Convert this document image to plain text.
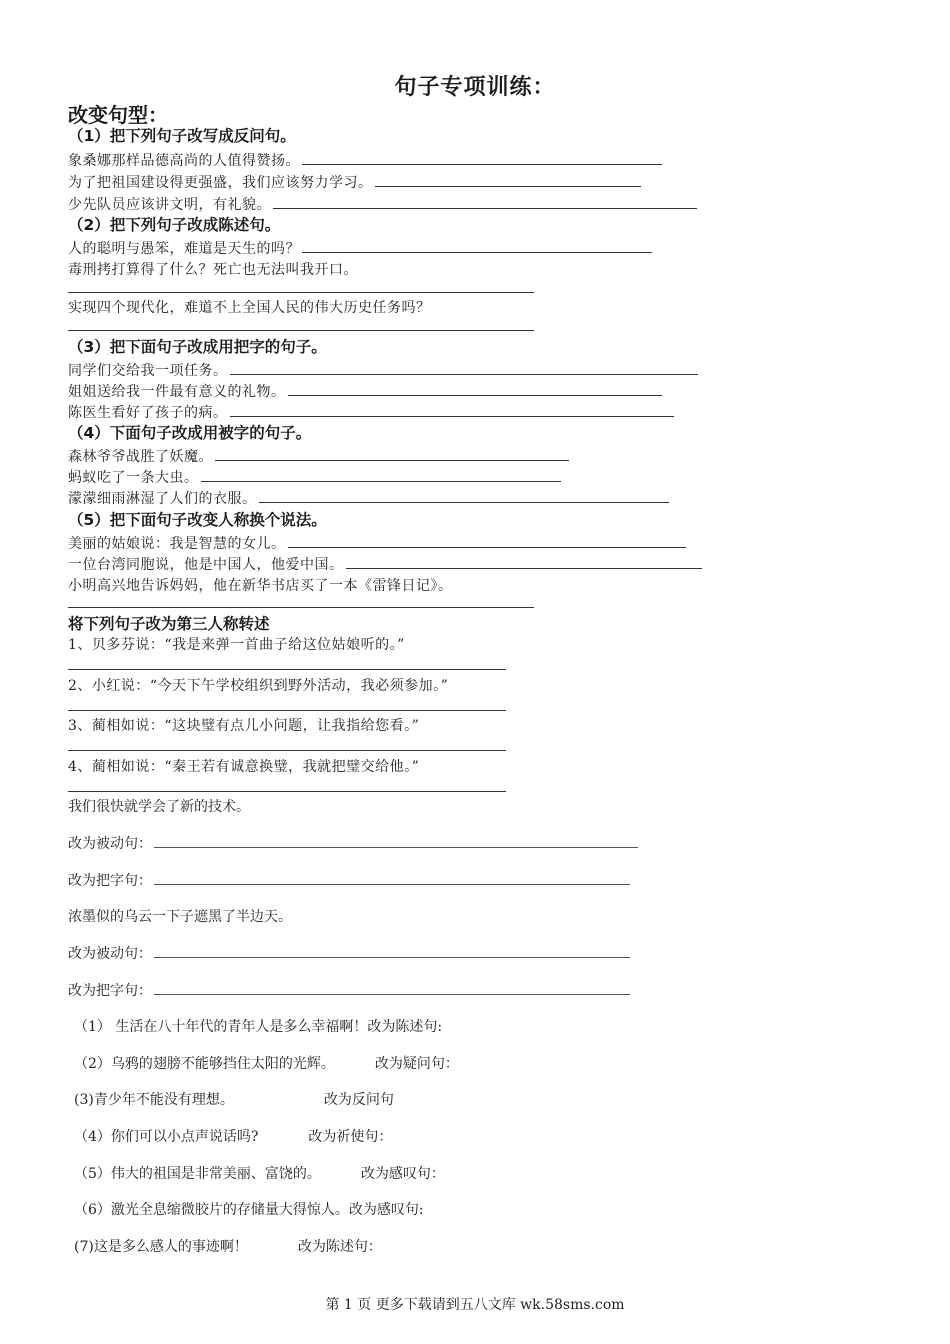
句子专项训练：
改变句型：
（1）把下列句子改写成反问句。
象桑娜那样品德高尚的人值得赞扬。
为了把祖国建设得更强盛，我们应该努力学习。
少先队员应该讲文明，有礼貌。
（2）把下列句子改成陈述句。
人的聪明与愚笨，难道是天生的吗？
毒刑拷打算得了什么？死亡也无法叫我开口。
实现四个现代化，难道不上全国人民的伟大历史任务吗？
（3）把下面句子改成用把字的句子。
同学们交给我一项任务。
姐姐送给我一件最有意义的礼物。
陈医生看好了孩子的病。
（4）下面句子改成用被字的句子。
森林爷爷战胜了妖魔。
蚂蚁吃了一条大虫。
濛濛细雨淋湿了人们的衣服。
（5）把下面句子改变人称换个说法。
美丽的姑娘说：我是智慧的女儿。
一位台湾同胞说，他是中国人，他爱中国。
小明高兴地告诉妈妈，他在新华书店买了一本《雷锋日记》。
将下列句子改为第三人称转述
1、贝多芬说：“我是来弹一首曲子给这位姑娘听的。”
2、小红说：“今天下午学校组织到野外活动，我必须参加。”
3、蔺相如说：“这块璧有点儿小问题，让我指给您看。”
4、蔺相如说：“秦王若有诚意换璧，我就把璧交给他。”
我们很快就学会了新的技术。
改为被动句：
改为把字句：
浓墨似的乌云一下子遮黑了半边天。
改为被动句：
改为把字句：
（1） 生活在八十年代的青年人是多么幸福啊！改为陈述句:
（2）乌鸦的翅膀不能够挡住太阳的光辉。	改为疑问句：
(3)青少年不能没有理想。	改为反问句
（4）你们可以小点声说话吗?	改为祈使句：
（5）伟大的祖国是非常美丽、富饶的。	改为感叹句：
（6）激光全息缩微胶片的存储量大得惊人。改为感叹句:
(7)这是多么感人的事迹啊！	改为陈述句：
第 1 页 更多下载请到五八文库 wk.58sms.com
